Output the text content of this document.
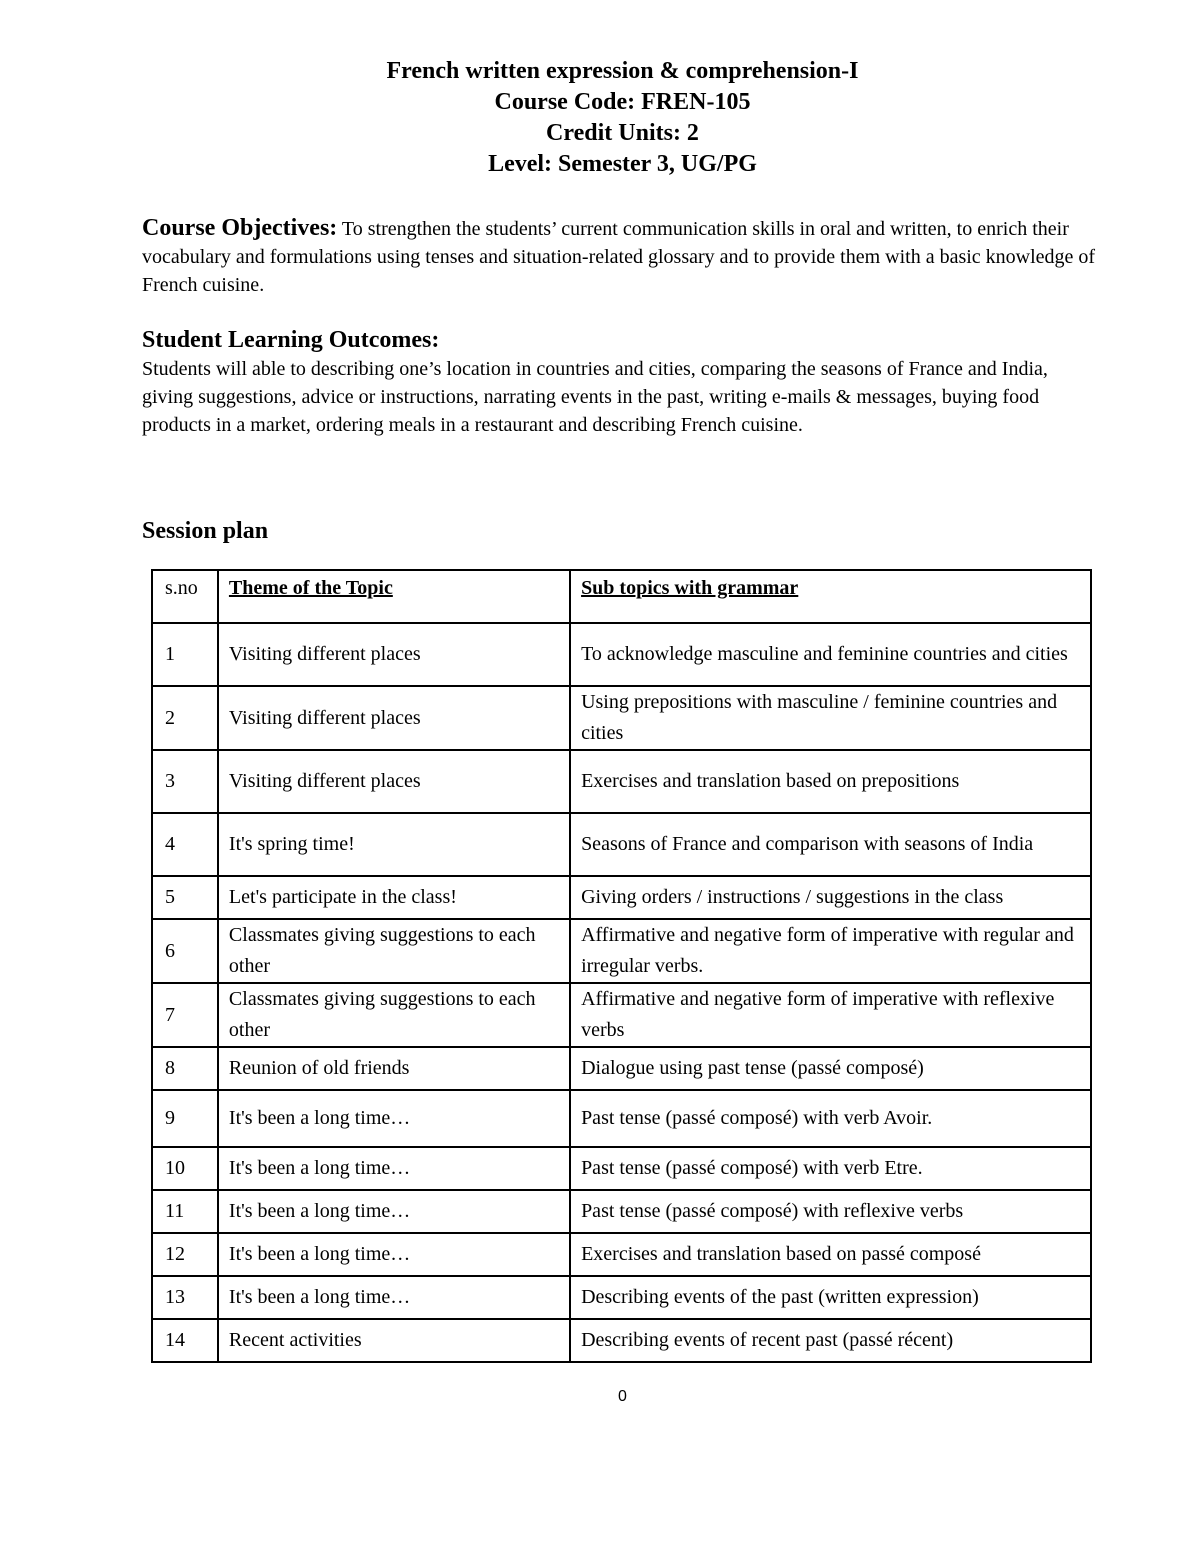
French written expression & comprehension-I
Course Code: FREN-105
Credit Units: 2
Level: Semester 3, UG/PG
Course Objectives: To strengthen the students’ current communication skills in oral and written, to enrich their vocabulary and formulations using tenses and situation-related glossary and to provide them with a basic knowledge of French cuisine.
Student Learning Outcomes:
Students will able to describing one’s location in countries and cities, comparing the seasons of France and India, giving suggestions, advice or instructions, narrating events in the past, writing e-mails & messages, buying food products in a market, ordering meals in a restaurant and describing French cuisine.
Session plan
s.no	Theme of the Topic	Sub topics with grammar
1	Visiting different places	To acknowledge masculine and feminine countries and cities
2	Visiting different places	Using prepositions with masculine / feminine countries and cities
3	Visiting different places	Exercises and translation based on prepositions
4	It's spring time!	Seasons of France and comparison with seasons of India
5	Let's participate in the class!	Giving orders / instructions / suggestions in the class
6	Classmates giving suggestions to each other	Affirmative and negative form of imperative with regular and irregular verbs.
7	Classmates giving suggestions to each other	Affirmative and negative form of imperative with reflexive verbs
8	Reunion of old friends	Dialogue using past tense (passé composé)
9	It's been a long time…	Past tense (passé composé) with verb Avoir.
10	It's been a long time…	Past tense (passé composé) with verb Etre.
11	It's been a long time…	Past tense (passé composé) with reflexive verbs
12	It's been a long time…	Exercises and translation based on passé composé
13	It's been a long time…	Describing events of the past (written expression)
14	Recent activities	Describing events of recent past (passé récent)
0
